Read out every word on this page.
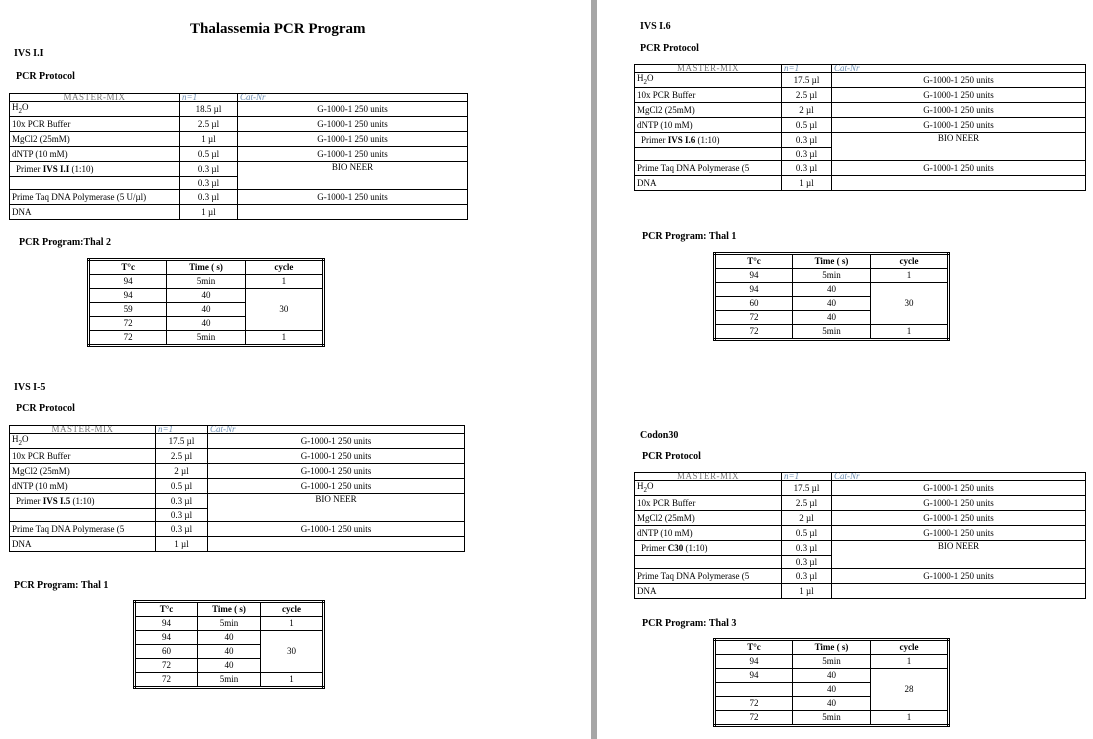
Thalassemia PCR Program
IVS I.I
PCR Protocol
MASTER-MIX	n=1	Cat-Nr
$H_2O$	18.5 µl	G-1000-1 250 units
10x PCR Buffer	2.5 µl	G-1000-1 250 units
MgCl2 (25mM)	1 µl	G-1000-1 250 units
dNTP (10 mM)	0.5 µl	G-1000-1 250 units
Primer IVS I.I (1:10)	0.3 µl	BIO NEER
	0.3 µl	
Prime Taq DNA Polymerase (5 U/µl)	0.3 µl	G-1000-1 250 units
DNA	1 µl	
PCR Program:Thal 2
T°c	Time ( s)	cycle
94	5min	1
94	40	30
59	40	
72	40	
72	5min	1
IVS I-5
PCR Protocol
MASTER-MIX	n=1	Cat-Nr
$H_2O$	17.5 µl	G-1000-1 250 units
10x PCR Buffer	2.5 µl	G-1000-1 250 units
MgCl2 (25mM)	2 µl	G-1000-1 250 units
dNTP (10 mM)	0.5 µl	G-1000-1 250 units
Primer IVS I.5 (1:10)	0.3 µl	BIO NEER
	0.3 µl	
Prime Taq DNA Polymerase (5	0.3 µl	G-1000-1 250 units
DNA	1 µl	
PCR Program: Thal 1
T°c	Time ( s)	cycle
94	5min	1
94	40	30
60	40	
72	40	
72	5min	1
IVS I.6
PCR Protocol
MASTER-MIX	n=1	Cat-Nr
$H_2O$	17.5 µl	G-1000-1 250 units
10x PCR Buffer	2.5 µl	G-1000-1 250 units
MgCl2 (25mM)	2 µl	G-1000-1 250 units
dNTP (10 mM)	0.5 µl	G-1000-1 250 units
Primer IVS I.6 (1:10)	0.3 µl	BIO NEER
	0.3 µl	
Prime Taq DNA Polymerase (5	0.3 µl	G-1000-1 250 units
DNA	1 µl	
PCR Program: Thal 1
T°c	Time ( s)	cycle
94	5min	1
94	40	30
60	40	
72	40	
72	5min	1
Codon30
PCR Protocol
MASTER-MIX	n=1	Cat-Nr
$H_2O$	17.5 µl	G-1000-1 250 units
10x PCR Buffer	2.5 µl	G-1000-1 250 units
MgCl2 (25mM)	2 µl	G-1000-1 250 units
dNTP (10 mM)	0.5 µl	G-1000-1 250 units
Primer C30 (1:10)	0.3 µl	BIO NEER
	0.3 µl	
Prime Taq DNA Polymerase (5	0.3 µl	G-1000-1 250 units
DNA	1 µl	
PCR Program: Thal 3
T°c	Time ( s)	cycle
94	5min	1
94	40	28
	40	
72	40	
72	5min	1
